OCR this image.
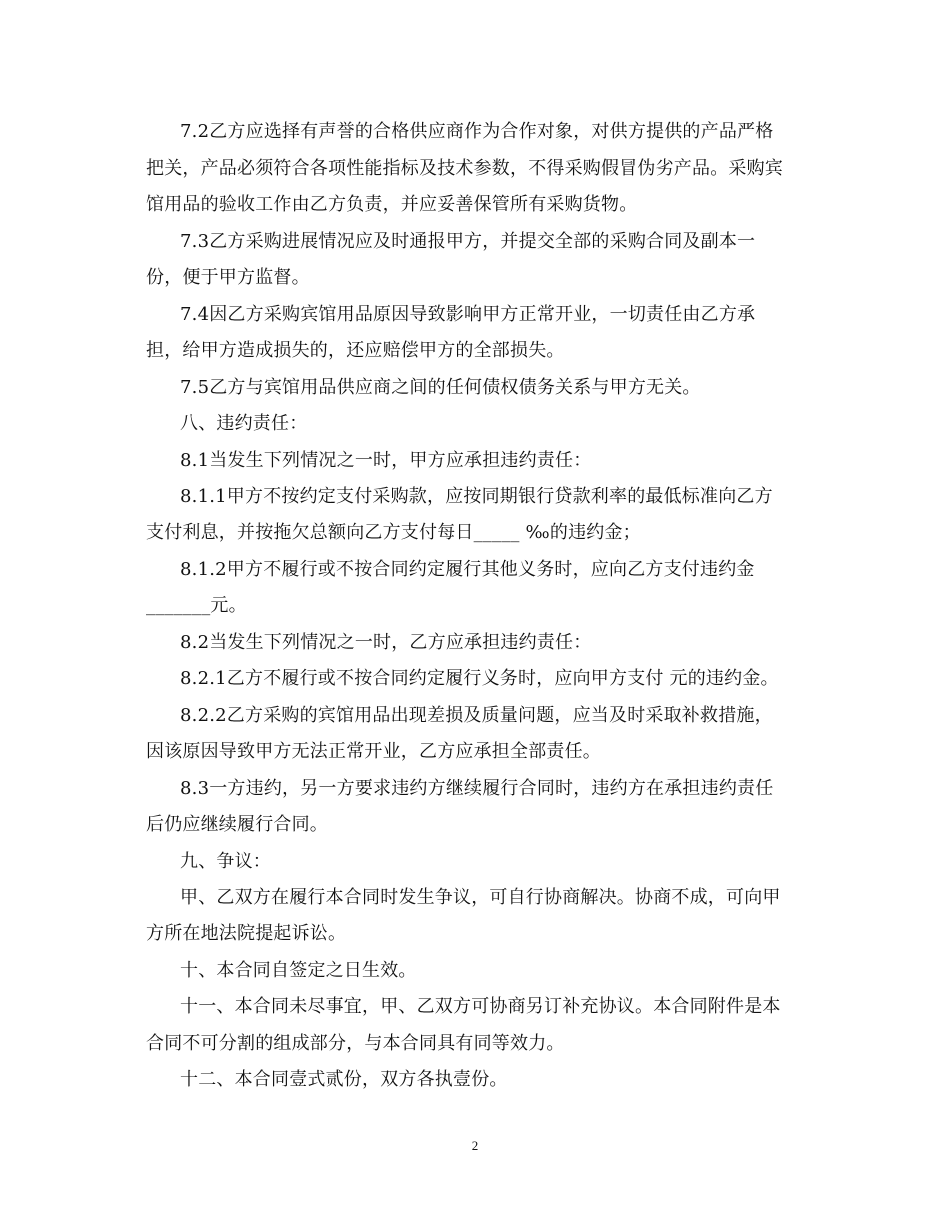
7.2乙方应选择有声誉的合格供应商作为合作对象，对供方提供的产品严格
把关，产品必须符合各项性能指标及技术参数，不得采购假冒伪劣产品。采购宾
馆用品的验收工作由乙方负责，并应妥善保管所有采购货物。
7.3乙方采购进展情况应及时通报甲方，并提交全部的采购合同及副本一
份，便于甲方监督。
7.4因乙方采购宾馆用品原因导致影响甲方正常开业，一切责任由乙方承
担，给甲方造成损失的，还应赔偿甲方的全部损失。
7.5乙方与宾馆用品供应商之间的任何债权债务关系与甲方无关。
八、违约责任：
8.1当发生下列情况之一时，甲方应承担违约责任：
8.1.1甲方不按约定支付采购款，应按同期银行贷款利率的最低标准向乙方
支付利息，并按拖欠总额向乙方支付每日_____ ‰的违约金；
8.1.2甲方不履行或不按合同约定履行其他义务时，应向乙方支付违约金
_______元。
8.2当发生下列情况之一时，乙方应承担违约责任：
8.2.1乙方不履行或不按合同约定履行义务时，应向甲方支付 元的违约金。
8.2.2乙方采购的宾馆用品出现差损及质量问题，应当及时采取补救措施，
因该原因导致甲方无法正常开业，乙方应承担全部责任。
8.3一方违约，另一方要求违约方继续履行合同时，违约方在承担违约责任
后仍应继续履行合同。
九、争议：
甲、乙双方在履行本合同时发生争议，可自行协商解决。协商不成，可向甲
方所在地法院提起诉讼。
十、本合同自签定之日生效。
十一、本合同未尽事宜，甲、乙双方可协商另订补充协议。本合同附件是本
合同不可分割的组成部分，与本合同具有同等效力。
十二、本合同壹式贰份，双方各执壹份。
2
